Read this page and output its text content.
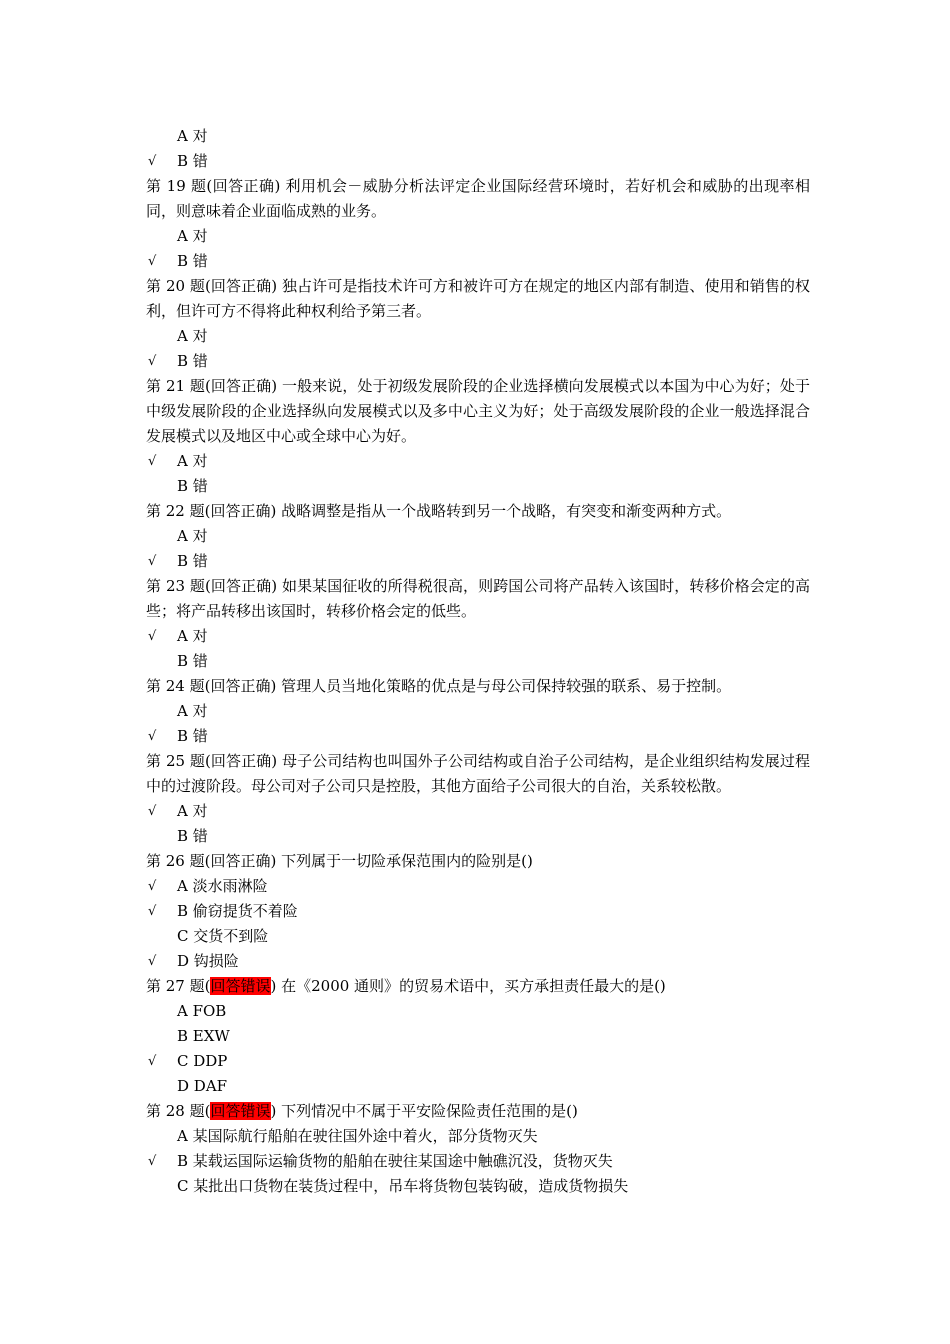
A 对
√ B 错
第 19 题(回答正确) 利用机会－威胁分析法评定企业国际经营环境时，若好机会和威胁的出现率相同，则意味着企业面临成熟的业务。
A 对
√ B 错
第 20 题(回答正确) 独占许可是指技术许可方和被许可方在规定的地区内部有制造、使用和销售的权利，但许可方不得将此种权利给予第三者。
A 对
√ B 错
第 21 题(回答正确) 一般来说，处于初级发展阶段的企业选择横向发展模式以本国为中心为好；处于中级发展阶段的企业选择纵向发展模式以及多中心主义为好；处于高级发展阶段的企业一般选择混合发展模式以及地区中心或全球中心为好。
√ A 对
B 错
第 22 题(回答正确) 战略调整是指从一个战略转到另一个战略，有突变和渐变两种方式。
A 对
√ B 错
第 23 题(回答正确) 如果某国征收的所得税很高，则跨国公司将产品转入该国时，转移价格会定的高些；将产品转移出该国时，转移价格会定的低些。
√ A 对
B 错
第 24 题(回答正确) 管理人员当地化策略的优点是与母公司保持较强的联系、易于控制。
A 对
√ B 错
第 25 题(回答正确) 母子公司结构也叫国外子公司结构或自治子公司结构，是企业组织结构发展过程中的过渡阶段。母公司对子公司只是控股，其他方面给子公司很大的自治，关系较松散。
√ A 对
B 错
第 26 题(回答正确) 下列属于一切险承保范围内的险别是()
√ A 淡水雨淋险
√ B 偷窃提货不着险
C 交货不到险
√ D 钩损险
第 27 题(回答错误) 在《2000 通则》的贸易术语中，买方承担责任最大的是()
A FOB
B EXW
√ C DDP
D DAF
第 28 题(回答错误) 下列情况中不属于平安险保险责任范围的是()
A 某国际航行船舶在驶往国外途中着火，部分货物灭失
√ B 某载运国际运输货物的船舶在驶往某国途中触礁沉没，货物灭失
C 某批出口货物在装货过程中，吊车将货物包装钩破，造成货物损失
